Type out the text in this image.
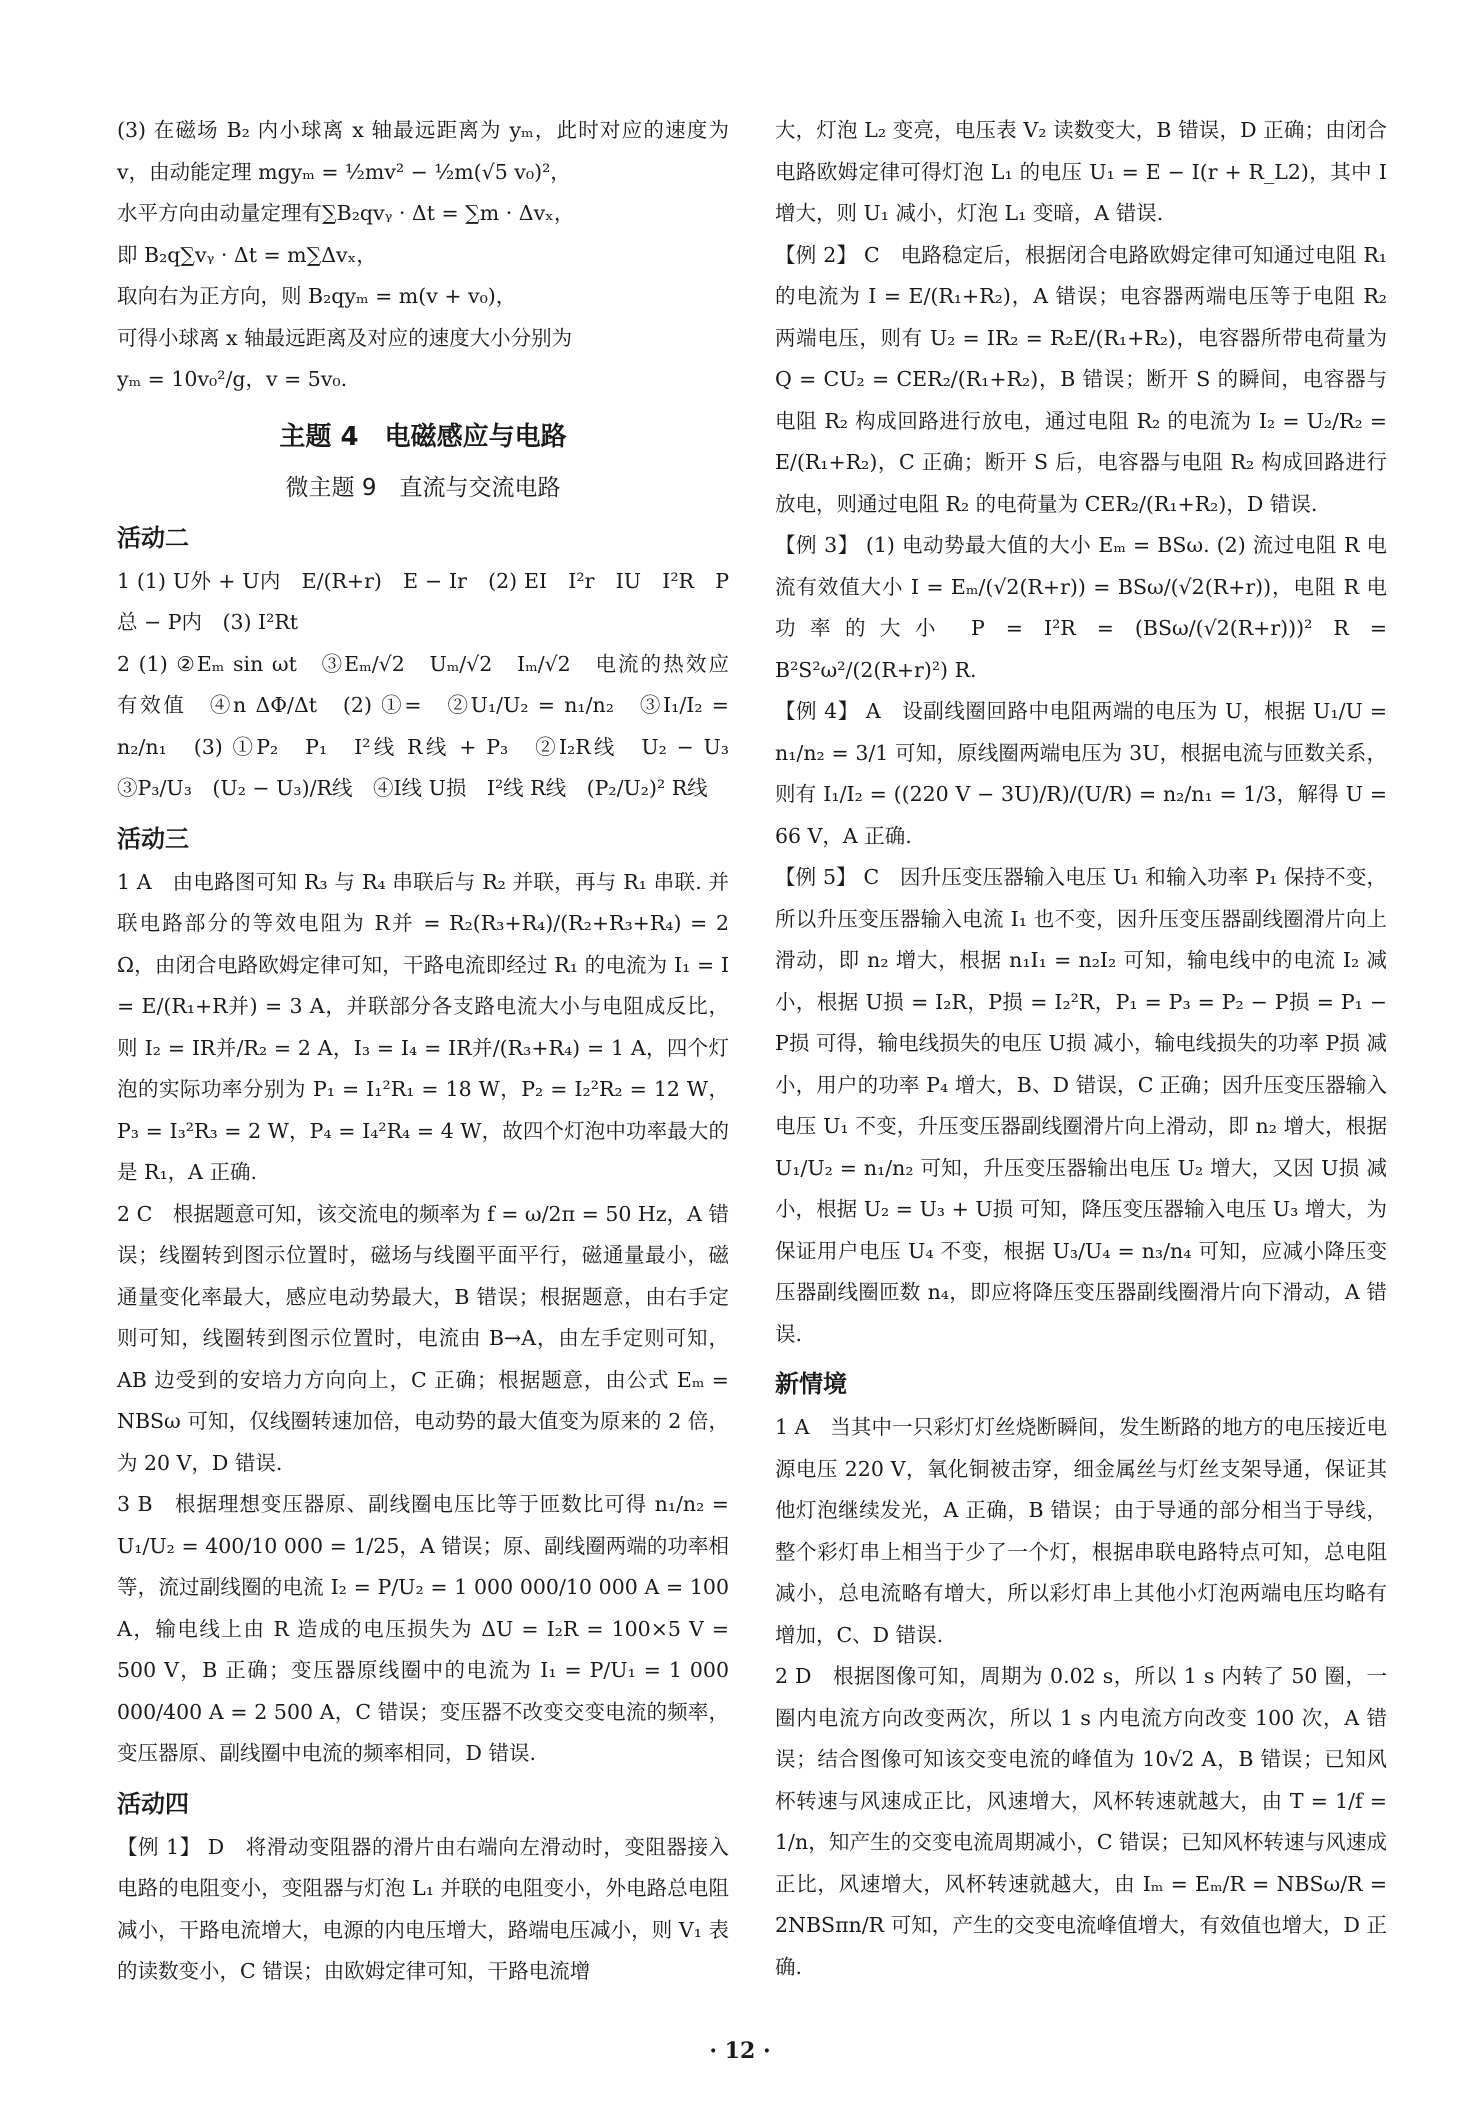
(3) 在磁场 B₂ 内小球离 x 轴最远距离为 yₘ，此时对应的速度为 v，由动能定理 mgyₘ = ½mv² − ½m(√5 v₀)²，

水平方向由动量定理有∑B₂qvᵧ · Δt = ∑m · Δvₓ，

即 B₂q∑vᵧ · Δt = m∑Δvₓ，

取向右为正方向，则 B₂qyₘ = m(v + v₀)，

可得小球离 x 轴最远距离及对应的速度大小分别为

yₘ = 10v₀²/g，v = 5v₀.

主题 4　电磁感应与电路
微主题 9　直流与交流电路
活动二

1 (1) U外 + U内　E/(R+r)　E − Ir　(2) EI　I²r　IU　I²R　P总 − P内　(3) I²Rt

2 (1) ②Eₘ sin ωt　③Eₘ/√2　Uₘ/√2　Iₘ/√2　电流的热效应　有效值　④n ΔΦ/Δt　(2) ①=　②U₁/U₂ = n₁/n₂　③I₁/I₂ = n₂/n₁　(3) ①P₂　P₁　I²线 R线 + P₃　②I₂R线　U₂ − U₃　③P₃/U₃　(U₂ − U₃)/R线　④I线 U损　I²线 R线　(P₂/U₂)² R线

活动三

1 A　由电路图可知 R₃ 与 R₄ 串联后与 R₂ 并联，再与 R₁ 串联. 并联电路部分的等效电阻为 R并 = R₂(R₃+R₄)/(R₂+R₃+R₄) = 2 Ω，由闭合电路欧姆定律可知，干路电流即经过 R₁ 的电流为 I₁ = I = E/(R₁+R并) = 3 A，并联部分各支路电流大小与电阻成反比，则 I₂ = IR并/R₂ = 2 A，I₃ = I₄ = IR并/(R₃+R₄) = 1 A，四个灯泡的实际功率分别为 P₁ = I₁²R₁ = 18 W，P₂ = I₂²R₂ = 12 W，P₃ = I₃²R₃ = 2 W，P₄ = I₄²R₄ = 4 W，故四个灯泡中功率最大的是 R₁，A 正确.

2 C　根据题意可知，该交流电的频率为 f = ω/2π = 50 Hz，A 错误；线圈转到图示位置时，磁场与线圈平面平行，磁通量最小，磁通量变化率最大，感应电动势最大，B 错误；根据题意，由右手定则可知，线圈转到图示位置时，电流由 B→A，由左手定则可知，AB 边受到的安培力方向向上，C 正确；根据题意，由公式 Eₘ = NBSω 可知，仅线圈转速加倍，电动势的最大值变为原来的 2 倍，为 20 V，D 错误.

3 B　根据理想变压器原、副线圈电压比等于匝数比可得 n₁/n₂ = U₁/U₂ = 400/10 000 = 1/25，A 错误；原、副线圈两端的功率相等，流过副线圈的电流 I₂ = P/U₂ = 1 000 000/10 000 A = 100 A，输电线上由 R 造成的电压损失为 ΔU = I₂R = 100×5 V = 500 V，B 正确；变压器原线圈中的电流为 I₁ = P/U₁ = 1 000 000/400 A = 2 500 A，C 错误；变压器不改变交变电流的频率，变压器原、副线圈中电流的频率相同，D 错误.

活动四

【例 1】 D　将滑动变阻器的滑片由右端向左滑动时，变阻器接入电路的电阻变小，变阻器与灯泡 L₁ 并联的电阻变小，外电路总电阻减小，干路电流增大，电源的内电压增大，路端电压减小，则 V₁ 表的读数变小，C 错误；由欧姆定律可知，干路电流增

大，灯泡 L₂ 变亮，电压表 V₂ 读数变大，B 错误，D 正确；由闭合电路欧姆定律可得灯泡 L₁ 的电压 U₁ = E − I(r + R_L2)，其中 I 增大，则 U₁ 减小，灯泡 L₁ 变暗，A 错误.

【例 2】 C　电路稳定后，根据闭合电路欧姆定律可知通过电阻 R₁ 的电流为 I = E/(R₁+R₂)，A 错误；电容器两端电压等于电阻 R₂ 两端电压，则有 U₂ = IR₂ = R₂E/(R₁+R₂)，电容器所带电荷量为 Q = CU₂ = CER₂/(R₁+R₂)，B 错误；断开 S 的瞬间，电容器与电阻 R₂ 构成回路进行放电，通过电阻 R₂ 的电流为 I₂ = U₂/R₂ = E/(R₁+R₂)，C 正确；断开 S 后，电容器与电阻 R₂ 构成回路进行放电，则通过电阻 R₂ 的电荷量为 CER₂/(R₁+R₂)，D 错误.

【例 3】 (1) 电动势最大值的大小 Eₘ = BSω. (2) 流过电阻 R 电流有效值大小 I = Eₘ/(√2(R+r)) = BSω/(√2(R+r))，电阻 R 电功率的大小 P = I²R = (BSω/(√2(R+r)))² R = B²S²ω²/(2(R+r)²) R.

【例 4】 A　设副线圈回路中电阻两端的电压为 U，根据 U₁/U = n₁/n₂ = 3/1 可知，原线圈两端电压为 3U，根据电流与匝数关系，则有 I₁/I₂ = ((220 V − 3U)/R)/(U/R) = n₂/n₁ = 1/3，解得 U = 66 V，A 正确.

【例 5】 C　因升压变压器输入电压 U₁ 和输入功率 P₁ 保持不变，所以升压变压器输入电流 I₁ 也不变，因升压变压器副线圈滑片向上滑动，即 n₂ 增大，根据 n₁I₁ = n₂I₂ 可知，输电线中的电流 I₂ 减小，根据 U损 = I₂R，P损 = I₂²R，P₁ = P₃ = P₂ − P损 = P₁ − P损 可得，输电线损失的电压 U损 减小，输电线损失的功率 P损 减小，用户的功率 P₄ 增大，B、D 错误，C 正确；因升压变压器输入电压 U₁ 不变，升压变压器副线圈滑片向上滑动，即 n₂ 增大，根据 U₁/U₂ = n₁/n₂ 可知，升压变压器输出电压 U₂ 增大，又因 U损 减小，根据 U₂ = U₃ + U损 可知，降压变压器输入电压 U₃ 增大，为保证用户电压 U₄ 不变，根据 U₃/U₄ = n₃/n₄ 可知，应减小降压变压器副线圈匝数 n₄，即应将降压变压器副线圈滑片向下滑动，A 错误.

新情境

1 A　当其中一只彩灯灯丝烧断瞬间，发生断路的地方的电压接近电源电压 220 V，氧化铜被击穿，细金属丝与灯丝支架导通，保证其他灯泡继续发光，A 正确，B 错误；由于导通的部分相当于导线，整个彩灯串上相当于少了一个灯，根据串联电路特点可知，总电阻减小，总电流略有增大，所以彩灯串上其他小灯泡两端电压均略有增加，C、D 错误.

2 D　根据图像可知，周期为 0.02 s，所以 1 s 内转了 50 圈，一圈内电流方向改变两次，所以 1 s 内电流方向改变 100 次，A 错误；结合图像可知该交变电流的峰值为 10√2 A，B 错误；已知风杯转速与风速成正比，风速增大，风杯转速就越大，由 T = 1/f = 1/n，知产生的交变电流周期减小，C 错误；已知风杯转速与风速成正比，风速增大，风杯转速就越大，由 Iₘ = Eₘ/R = NBSω/R = 2NBSπn/R 可知，产生的交变电流峰值增大，有效值也增大，D 正确.

· 12 ·
